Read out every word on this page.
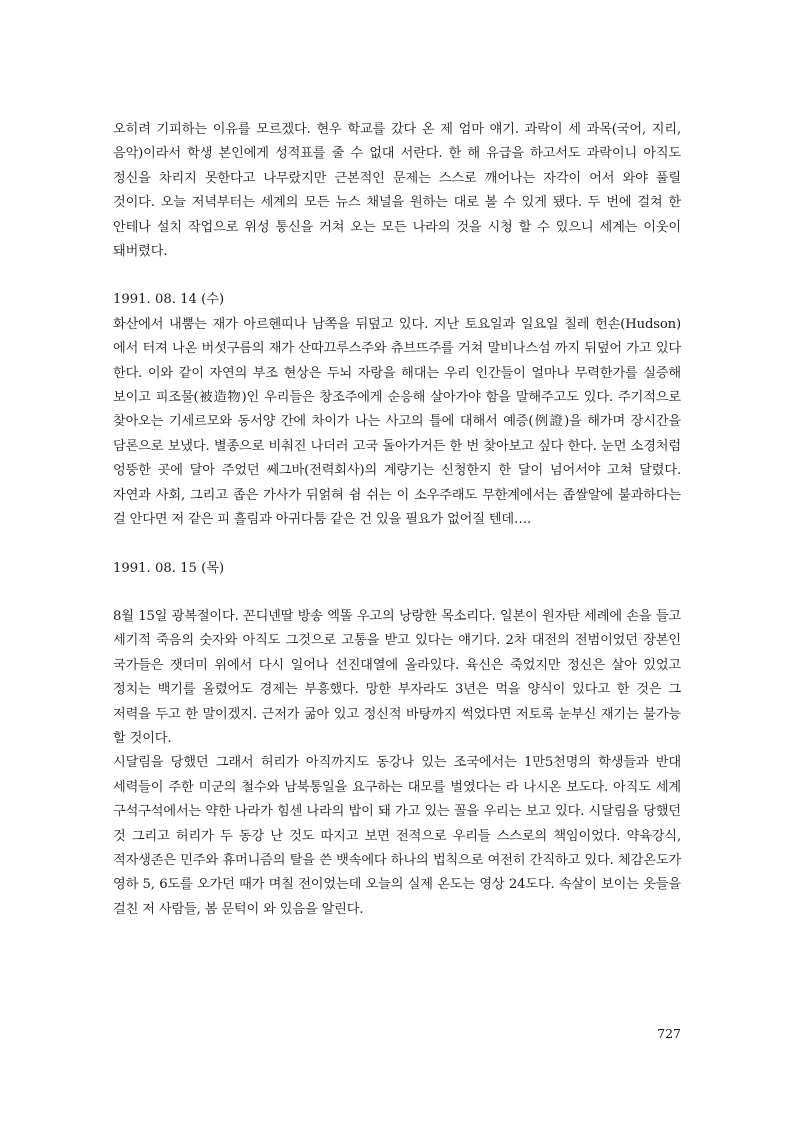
오히려 기피하는 이유를 모르겠다. 현우 학교를 갔다 온 제 엄마 얘기. 과락이 세 과목(국어, 지리, 음악)이라서 학생 본인에게 성적표를 줄 수 없대 서란다. 한 해 유급을 하고서도 과락이니 아직도 정신을 차리지 못한다고 나무랐지만 근본적인 문제는 스스로 깨어나는 자각이 어서 와야 풀릴 것이다. 오늘 저녁부터는 세계의 모든 뉴스 채널을 원하는 대로 볼 수 있게 됐다. 두 번에 걸쳐 한 안테나 설치 작업으로 위성 통신을 거쳐 오는 모든 나라의 것을 시청 할 수 있으니 세계는 이웃이 돼버렸다.

1991. 08. 14 (수)

화산에서 내뿜는 재가 아르헨띠나 남쪽을 뒤덮고 있다. 지난 토요일과 일요일 칠레 헌손(Hudson)에서 터져 나온 버섯구름의 재가 산따끄루스주와 츄브뜨주를 거쳐 말비나스섬 까지 뒤덮어 가고 있다 한다. 이와 같이 자연의 부조 현상은 두뇌 자랑을 해대는 우리 인간들이 얼마나 무력한가를 실증해 보이고 피조물(被造物)인 우리들은 창조주에게 순응해 살아가야 함을 말해주고도 있다. 주기적으로 찾아오는 기세르모와 동서양 간에 차이가 나는 사고의 틀에 대해서 예증(例證)을 해가며 장시간을 담론으로 보냈다. 별종으로 비춰진 나더러 고국 돌아가거든 한 번 찾아보고 싶다 한다. 눈먼 소경처럼 엉뚱한 곳에 달아 주었던 쎄그바(전력회사)의 계량기는 신청한지 한 달이 넘어서야 고쳐 달렸다. 자연과 사회, 그리고 좁은 가사가 뒤얽혀 쉼 쉬는 이 소우주래도 무한계에서는 좁쌀알에 불과하다는 걸 안다면 저 같은 피 흘림과 아귀다툼 같은 건 있을 필요가 없어질 텐데….

1991. 08. 15 (목)

8월 15일 광복절이다. 꼰디넨딸 방송 엑똘 우고의 낭랑한 목소리다. 일본이 원자탄 세례에 손을 들고 세기적 죽음의 숫자와 아직도 그것으로 고통을 받고 있다는 얘기다. 2차 대전의 전범이었던 장본인 국가들은 잿더미 위에서 다시 일어나 선진대열에 올라있다. 육신은 죽었지만 정신은 살아 있었고 정치는 백기를 올렸어도 경제는 부흥했다. 망한 부자라도 3년은 먹을 양식이 있다고 한 것은 그 저력을 두고 한 말이겠지. 근저가 굶아 있고 정신적 바탕까지 썩었다면 저토록 눈부신 재기는 불가능 할 것이다.

시달림을 당했던 그래서 허리가 아직까지도 동강나 있는 조국에서는 1만5천명의 학생들과 반대 세력들이 주한 미군의 철수와 남북통일을 요구하는 대모를 벌였다는 라 나시온 보도다. 아직도 세계 구석구석에서는 약한 나라가 힘센 나라의 밥이 돼 가고 있는 꼴을 우리는 보고 있다. 시달림을 당했던 것 그리고 허리가 두 동강 난 것도 따지고 보면 전적으로 우리들 스스로의 책임이었다. 약육강식, 적자생존은 민주와 휴머니즘의 탈을 쓴 뱃속에다 하나의 법칙으로 여전히 간직하고 있다. 체감온도가 영하 5, 6도를 오가던 때가 며칠 전이었는데 오늘의 실제 온도는 영상 24도다. 속살이 보이는 옷들을 걸친 저 사람들, 봄 문턱이 와 있음을 알린다.

727
